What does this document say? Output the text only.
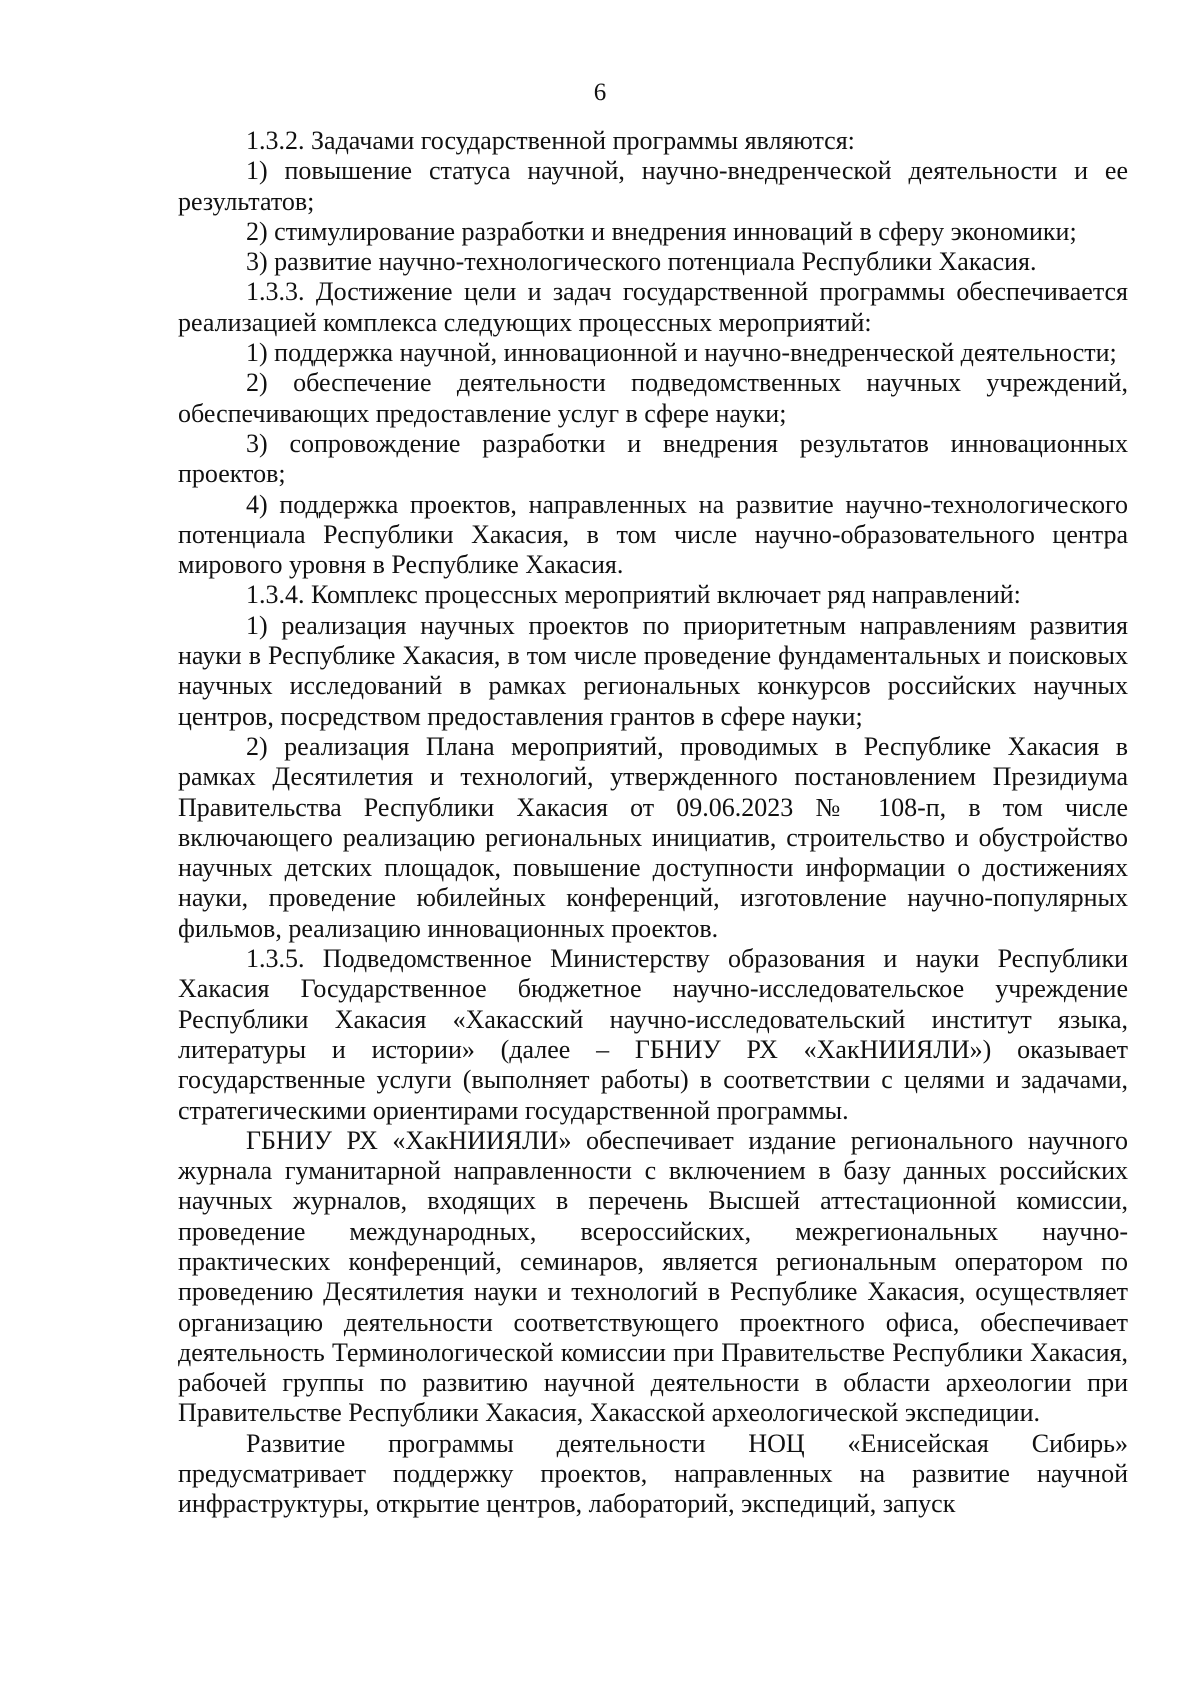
6

1.3.2. Задачами государственной программы являются:

1) повышение статуса научной, научно-внедренческой деятельности и ее результатов;

2) стимулирование разработки и внедрения инноваций в сферу экономики;

3) развитие научно-технологического потенциала Республики Хакасия.

1.3.3. Достижение цели и задач государственной программы обеспечивается реализацией комплекса следующих процессных мероприятий:

1) поддержка научной, инновационной и научно-внедренческой деятельности;

2) обеспечение деятельности подведомственных научных учреждений, обеспечивающих предоставление услуг в сфере науки;

3) сопровождение разработки и внедрения результатов инновационных проектов;

4) поддержка проектов, направленных на развитие научно-технологического потенциала Республики Хакасия, в том числе научно-образовательного центра мирового уровня в Республике Хакасия.

1.3.4. Комплекс процессных мероприятий включает ряд направлений:

1) реализация научных проектов по приоритетным направлениям развития науки в Республике Хакасия, в том числе проведение фундаментальных и поисковых научных исследований в рамках региональных конкурсов российских научных центров, посредством предоставления грантов в сфере науки;

2) реализация Плана мероприятий, проводимых в Республике Хакасия в рамках Десятилетия и технологий, утвержденного постановлением Президиума Правительства Республики Хакасия от 09.06.2023 № 108-п, в том числе включающего реализацию региональных инициатив, строительство и обустройство научных детских площадок, повышение доступности информации о достижениях науки, проведение юбилейных конференций, изготовление научно-популярных фильмов, реализацию инновационных проектов.

1.3.5. Подведомственное Министерству образования и науки Республики Хакасия Государственное бюджетное научно-исследовательское учреждение Республики Хакасия «Хакасский научно-исследовательский институт языка, литературы и истории» (далее – ГБНИУ РХ «ХакНИИЯЛИ») оказывает государственные услуги (выполняет работы) в соответствии с целями и задачами, стратегическими ориентирами государственной программы.

ГБНИУ РХ «ХакНИИЯЛИ» обеспечивает издание регионального научного журнала гуманитарной направленности с включением в базу данных российских научных журналов, входящих в перечень Высшей аттестационной комиссии, проведение международных, всероссийских, межрегиональных научно-практических конференций, семинаров, является региональным оператором по проведению Десятилетия науки и технологий в Республике Хакасия, осуществляет организацию деятельности соответствующего проектного офиса, обеспечивает деятельность Терминологической комиссии при Правительстве Республики Хакасия, рабочей группы по развитию научной деятельности в области археологии при Правительстве Республики Хакасия, Хакасской археологической экспедиции.

Развитие программы деятельности НОЦ «Енисейская Сибирь» предусматривает поддержку проектов, направленных на развитие научной инфраструктуры, открытие центров, лабораторий, экспедиций, запуск
